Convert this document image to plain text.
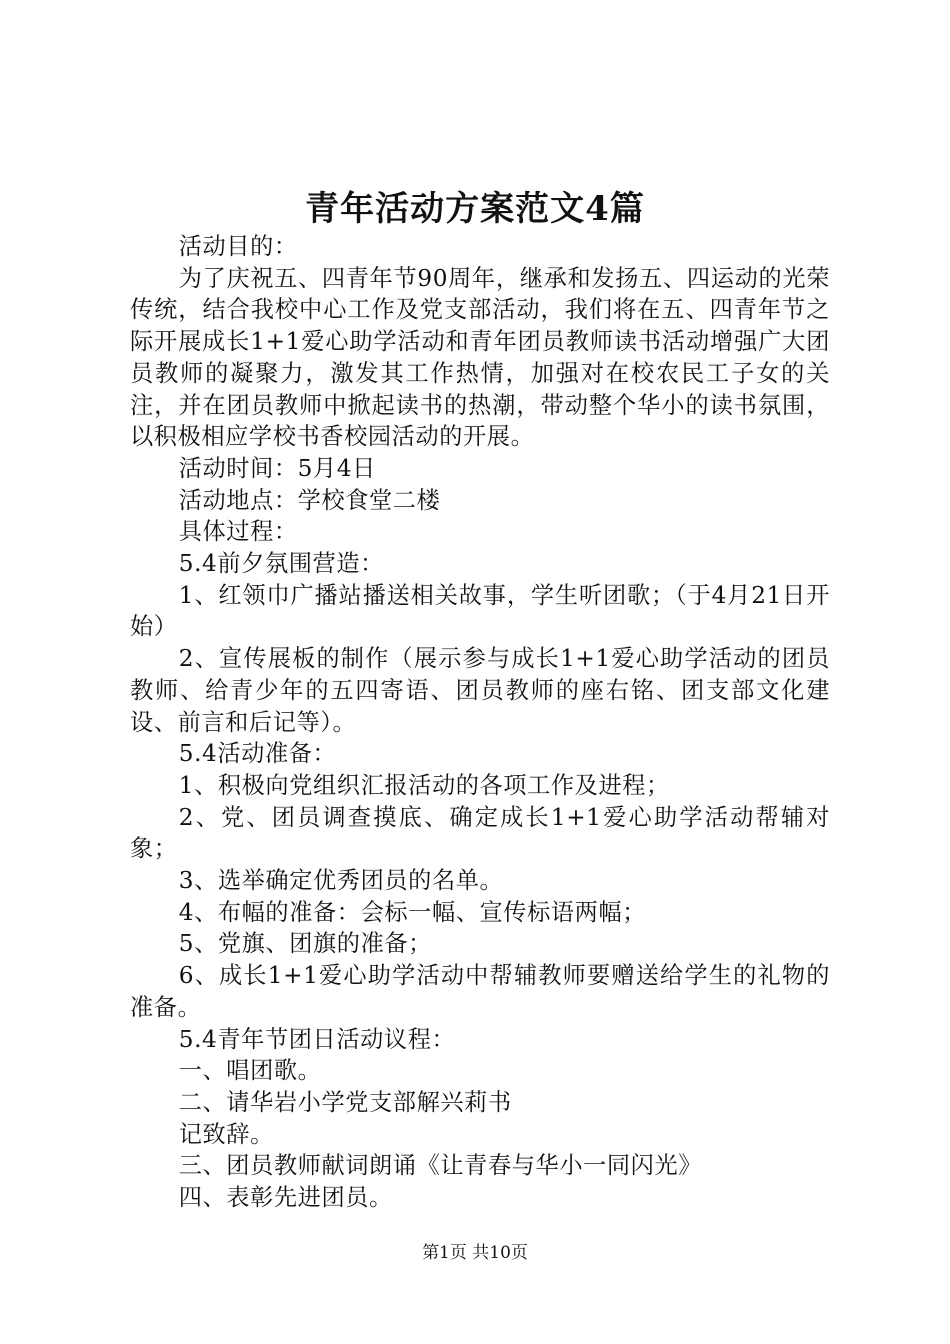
青年活动方案范文4篇

活动目的：

为了庆祝五、四青年节90周年，继承和发扬五、四运动的光荣传统，结合我校中心工作及党支部活动，我们将在五、四青年节之际开展成长1+1爱心助学活动和青年团员教师读书活动增强广大团员教师的凝聚力，激发其工作热情，加强对在校农民工子女的关注，并在团员教师中掀起读书的热潮，带动整个华小的读书氛围，以积极相应学校书香校园活动的开展。

活动时间：5月4日

活动地点：学校食堂二楼

具体过程：

5.4前夕氛围营造：

1、红领巾广播站播送相关故事，学生听团歌；（于4月21日开始）

2、宣传展板的制作（展示参与成长1+1爱心助学活动的团员教师、给青少年的五四寄语、团员教师的座右铭、团支部文化建设、前言和后记等）。

5.4活动准备：

1、积极向党组织汇报活动的各项工作及进程；

2、党、团员调查摸底、确定成长1+1爱心助学活动帮辅对象；

3、选举确定优秀团员的名单。

4、布幅的准备：会标一幅、宣传标语两幅；

5、党旗、团旗的准备；

6、成长1+1爱心助学活动中帮辅教师要赠送给学生的礼物的准备。

5.4青年节团日活动议程：

一、唱团歌。

二、请华岩小学党支部解兴莉书

记致辞。

三、团员教师献词朗诵《让青春与华小一同闪光》

四、表彰先进团员。

第1页 共10页
